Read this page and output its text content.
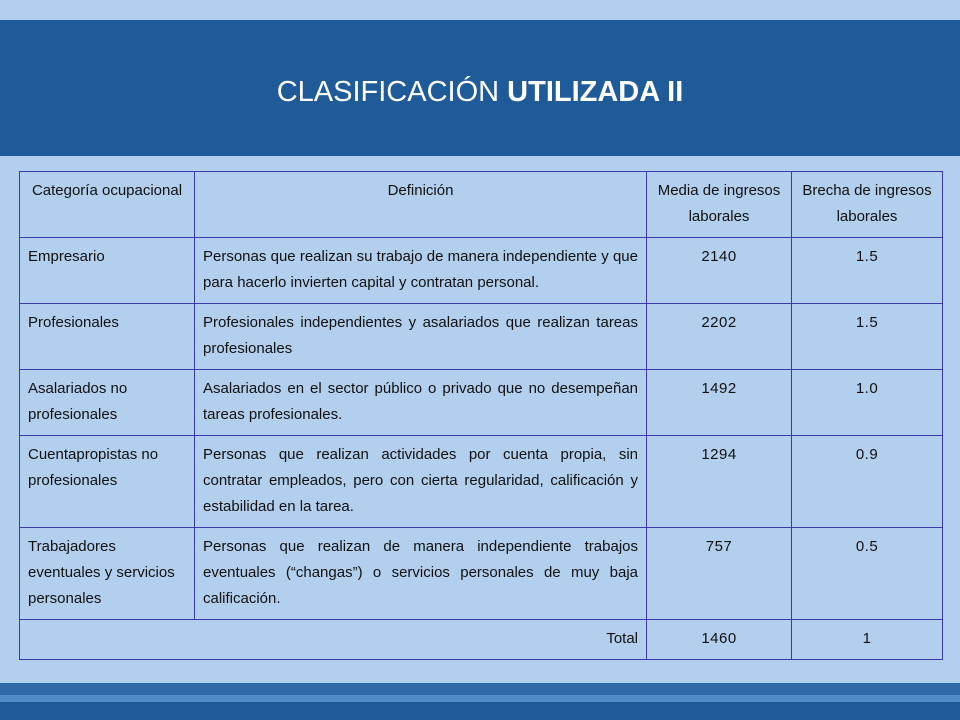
CLASIFICACIÓN UTILIZADA II
Categoría ocupacional	Definición	Media de ingresos laborales	Brecha de ingresos laborales
Empresario	Personas que realizan su trabajo de manera independiente y que para hacerlo invierten capital y contratan personal.	2140	1.5
Profesionales	Profesionales independientes y asalariados que realizan tareas profesionales	2202	1.5
Asalariados no profesionales	Asalariados en el sector público o privado que no desempeñan tareas profesionales.	1492	1.0
Cuentapropistas no profesionales	Personas que realizan actividades por cuenta propia, sin contratar empleados, pero con cierta regularidad, calificación y estabilidad en la tarea.	1294	0.9
Trabajadores eventuales y servicios personales	Personas que realizan de manera independiente trabajos eventuales (“changas”) o servicios personales de muy baja calificación.	757	0.5
Total		1460	1
